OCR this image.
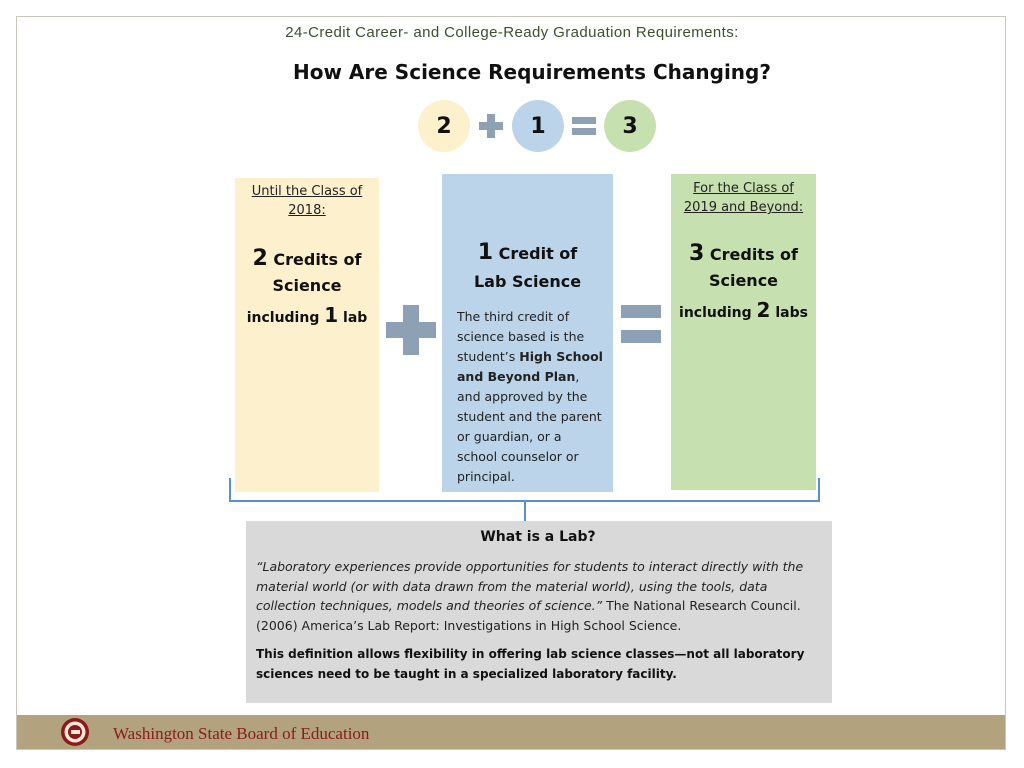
24-Credit Career- and College-Ready Graduation Requirements:
How Are Science Requirements Changing?
2	1	3
Until the Class of 2018:
2 Credits of Science
including 1 lab
1 Credit of
Lab Science
The third credit of science based is the student’s High School and Beyond Plan, and approved by the student and the parent or guardian, or a school counselor or principal.
For the Class of 2019 and Beyond:
3 Credits of Science
including 2 labs
What is a Lab?
“Laboratory experiences provide opportunities for students to interact directly with the material world (or with data drawn from the material world), using the tools, data collection techniques, models and theories of science.” The National Research Council. (2006) America’s Lab Report: Investigations in High School Science.
This definition allows flexibility in offering lab science classes—not all laboratory sciences need to be taught in a specialized laboratory facility.
Washington State Board of Education
